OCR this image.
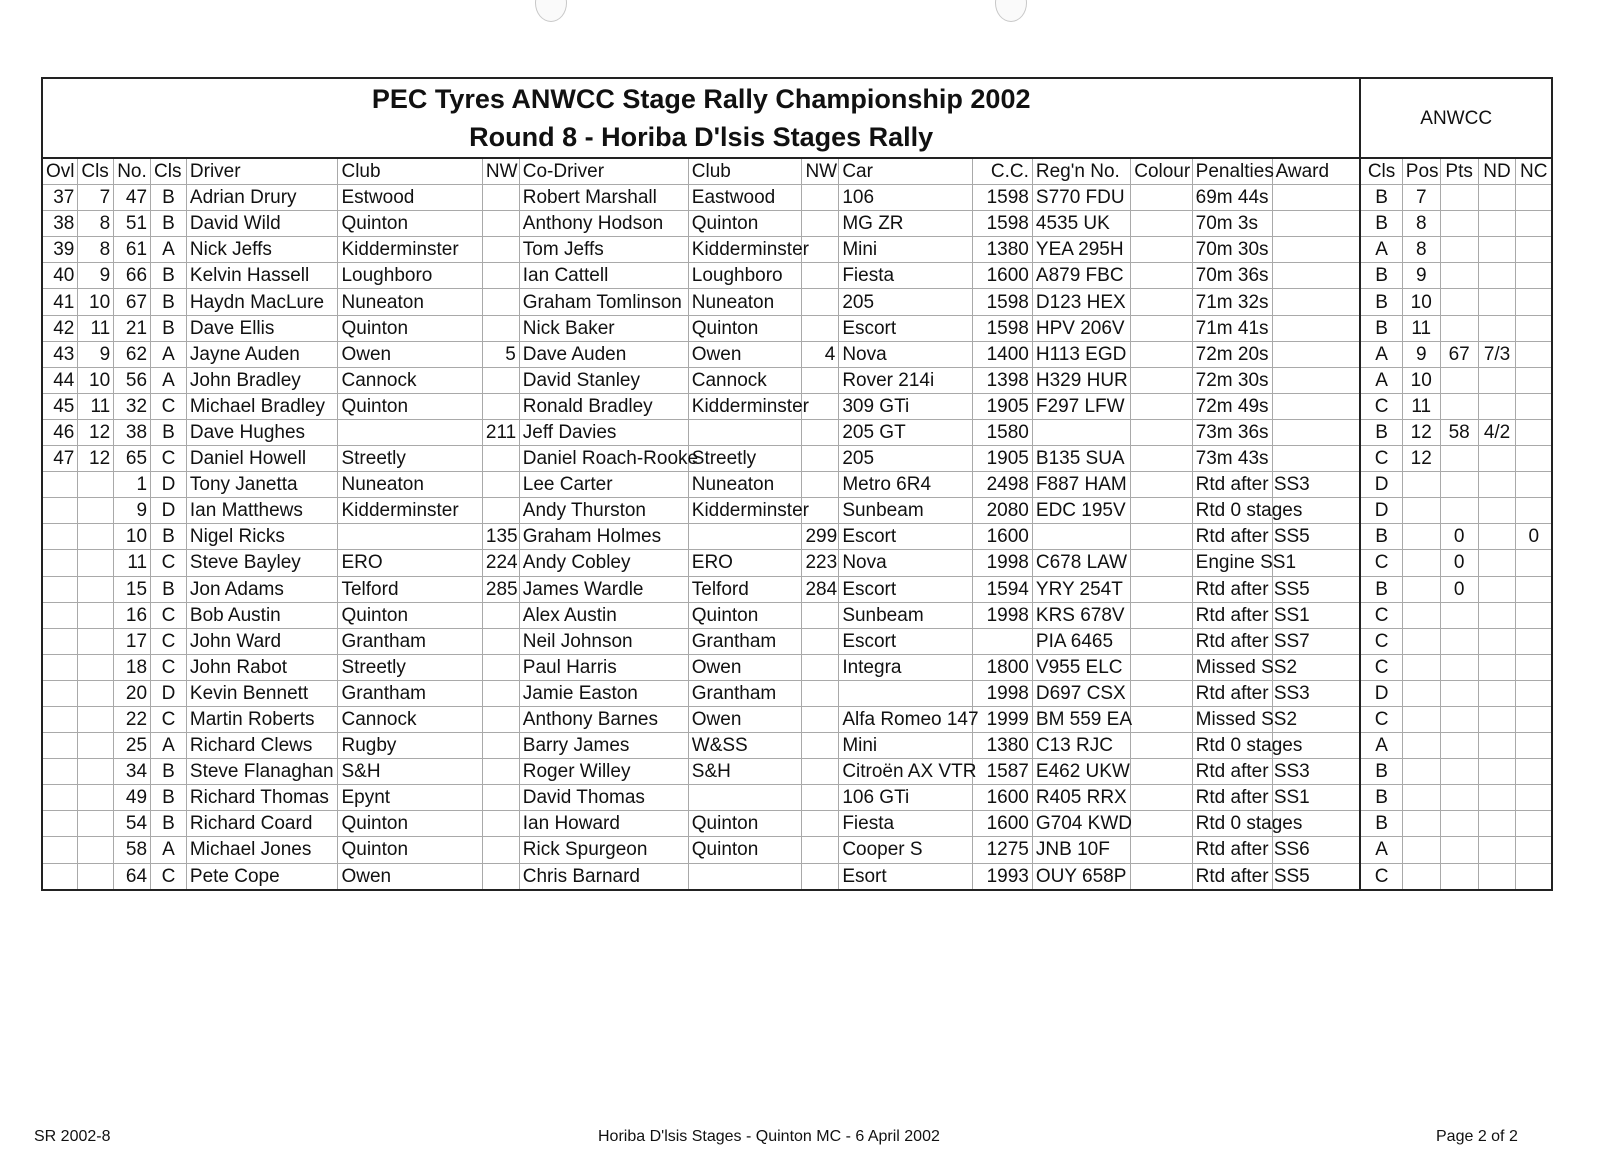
PEC Tyres ANWCC Stage Rally Championship 2002
Round 8 - Horiba D'lsis Stages Rally																ANWCC				
Ovl	Cls	No.	Cls	Driver	Club	NW	Co-Driver	Club	NW	Car	C.C.	Reg'n No.	Colour	Penalties	Award	Cls	Pos	Pts	ND	NC
37	7	47	B	Adrian Drury	Estwood		Robert Marshall	Eastwood		106	1598	S770 FDU		69m 44s		B	7			
38	8	51	B	David Wild	Quinton		Anthony Hodson	Quinton		MG ZR	1598	4535 UK		70m 3s		B	8			
39	8	61	A	Nick Jeffs	Kidderminster		Tom Jeffs	Kidderminster		Mini	1380	YEA 295H		70m 30s		A	8			
40	9	66	B	Kelvin Hassell	Loughboro		Ian Cattell	Loughboro		Fiesta	1600	A879 FBC		70m 36s		B	9			
41	10	67	B	Haydn MacLure	Nuneaton		Graham Tomlinson	Nuneaton		205	1598	D123 HEX		71m 32s		B	10			
42	11	21	B	Dave Ellis	Quinton		Nick Baker	Quinton		Escort	1598	HPV 206V		71m 41s		B	11			
43	9	62	A	Jayne Auden	Owen	5	Dave Auden	Owen	4	Nova	1400	H113 EGD		72m 20s		A	9	67	7/3	
44	10	56	A	John Bradley	Cannock		David Stanley	Cannock		Rover 214i	1398	H329 HUR		72m 30s		A	10			
45	11	32	C	Michael Bradley	Quinton		Ronald Bradley	Kidderminster		309 GTi	1905	F297 LFW		72m 49s		C	11			
46	12	38	B	Dave Hughes		211	Jeff Davies			205 GT	1580			73m 36s		B	12	58	4/2	
47	12	65	C	Daniel Howell	Streetly		Daniel Roach-Rooke	Streetly		205	1905	B135 SUA		73m 43s		C	12			
		1	D	Tony Janetta	Nuneaton		Lee Carter	Nuneaton		Metro 6R4	2498	F887 HAM		Rtd after SS3		D				
		9	D	Ian Matthews	Kidderminster		Andy Thurston	Kidderminster		Sunbeam	2080	EDC 195V		Rtd 0 stages		D				
		10	B	Nigel Ricks		135	Graham Holmes		299	Escort	1600			Rtd after SS5		B		0		0
		11	C	Steve Bayley	ERO	224	Andy Cobley	ERO	223	Nova	1998	C678 LAW		Engine SS1		C		0		
		15	B	Jon Adams	Telford	285	James Wardle	Telford	284	Escort	1594	YRY 254T		Rtd after SS5		B		0		
		16	C	Bob Austin	Quinton		Alex Austin	Quinton		Sunbeam	1998	KRS 678V		Rtd after SS1		C				
		17	C	John Ward	Grantham		Neil Johnson	Grantham		Escort		PIA 6465		Rtd after SS7		C				
		18	C	John Rabot	Streetly		Paul Harris	Owen		Integra	1800	V955 ELC		Missed SS2		C				
		20	D	Kevin Bennett	Grantham		Jamie Easton	Grantham			1998	D697 CSX		Rtd after SS3		D				
		22	C	Martin Roberts	Cannock		Anthony Barnes	Owen		Alfa Romeo 147	1999	BM 559 EA		Missed SS2		C				
		25	A	Richard Clews	Rugby		Barry James	W&SS		Mini	1380	C13 RJC		Rtd 0 stages		A				
		34	B	Steve Flanaghan	S&H		Roger Willey	S&H		Citroën AX VTR	1587	E462 UKW		Rtd after SS3		B				
		49	B	Richard Thomas	Epynt		David Thomas			106 GTi	1600	R405 RRX		Rtd after SS1		B				
		54	B	Richard Coard	Quinton		Ian Howard	Quinton		Fiesta	1600	G704 KWD		Rtd 0 stages		B				
		58	A	Michael Jones	Quinton		Rick Spurgeon	Quinton		Cooper S	1275	JNB 10F		Rtd after SS6		A				
		64	C	Pete Cope	Owen		Chris Barnard			Esort	1993	OUY 658P		Rtd after SS5		C				
SR 2002-8	Horiba D'lsis Stages - Quinton MC - 6 April 2002	Page 2 of 2
